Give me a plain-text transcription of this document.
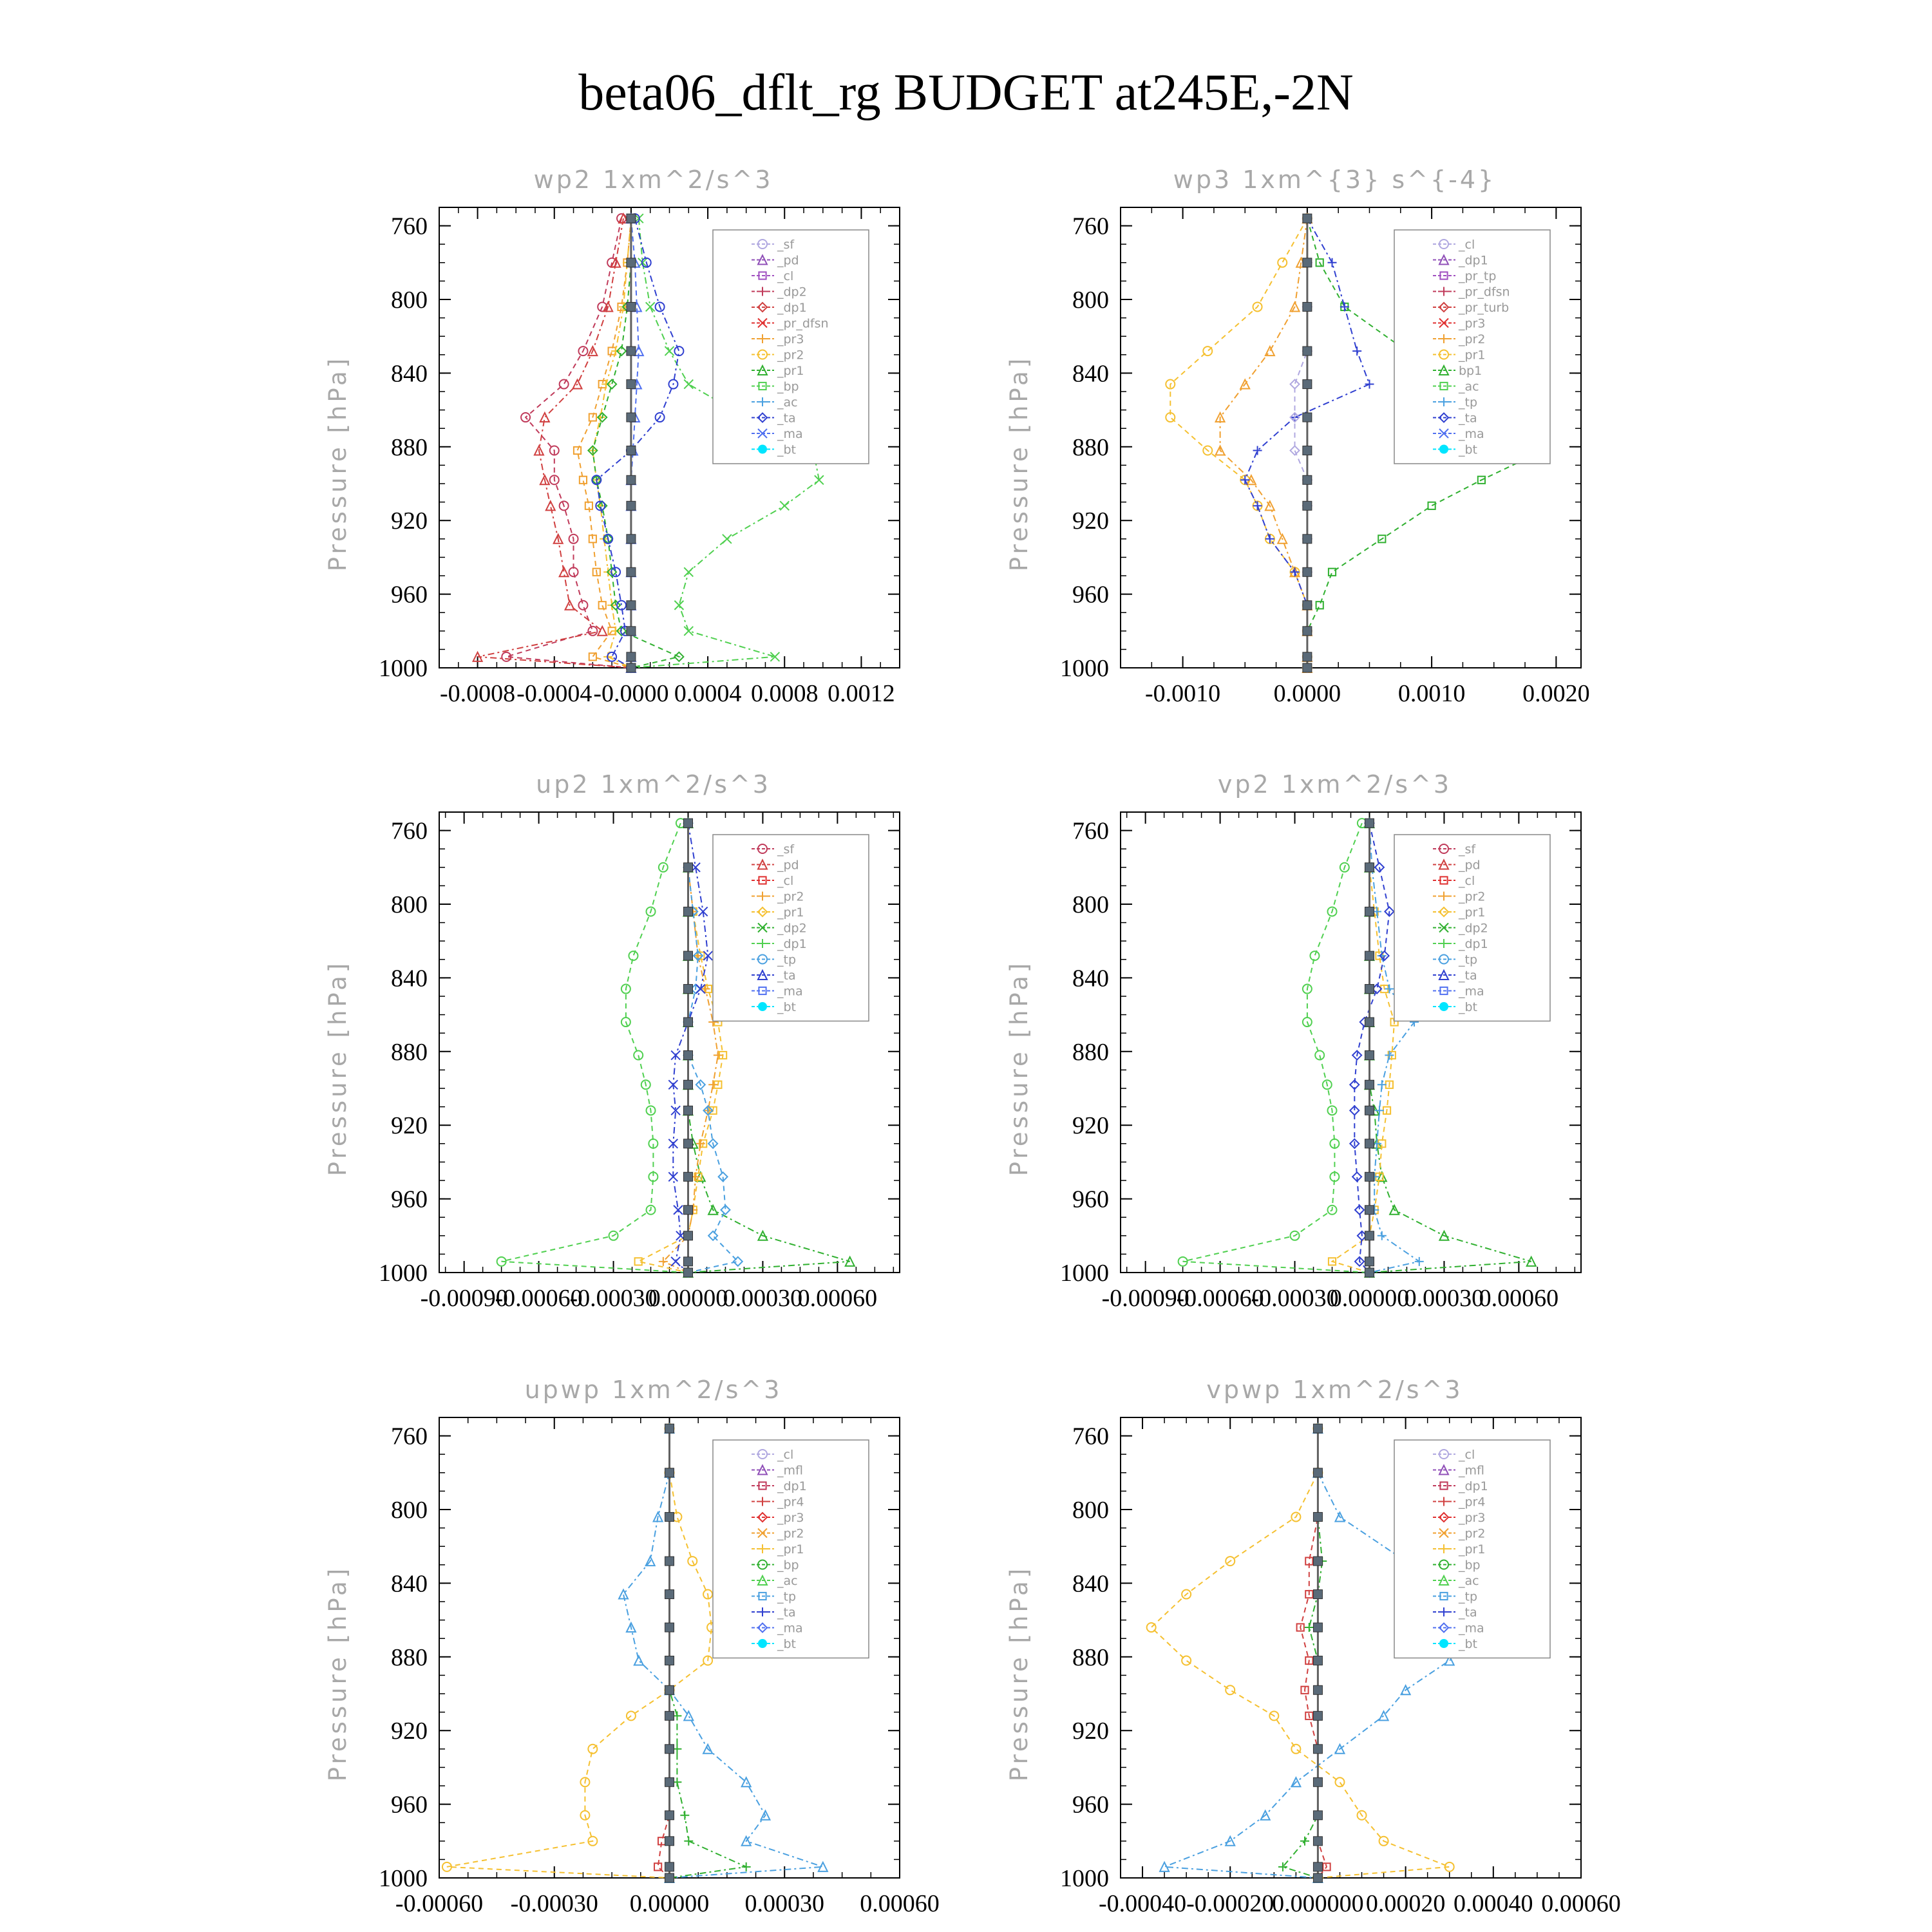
beta06_dflt_rg BUDGET at245E,-2N
wp2 1xm^2/s^3
Pressure [hPa]
760
800
840
880
920
960
1000
-0.0008 -0.0004 -0.0000 0.0004 0.0008 0.0012
_sf
_pd
_cl
_dp2
_dp1
_pr_dfsn
_pr3
_pr2
_pr1
_bp
_ac
_ta
_ma
_bt
wp3 1xm^{3} s^{-4}
Pressure [hPa]
760
800
840
880
920
960
1000
-0.0010 0.0000 0.0010 0.0020
_cl
_dp1
_pr_tp
_pr_dfsn
_pr_turb
_pr3
_pr2
_pr1
bp1
_ac
_tp
_ta
_ma
_bt
up2 1xm^2/s^3
Pressure [hPa]
760
800
840
880
920
960
1000
-0.00090
-0.00060
-0.00030
0.00000
0.00030
0.00060
_sf
_pd
_cl
_pr2
_pr1
_dp2
_dp1
_tp
_ta
_ma
_bt
vp2 1xm^2/s^3
Pressure [hPa]
760
800
840
880
920
960
1000
-0.00090
-0.00060
-0.00030
0.00000
0.00030
0.00060
_sf
_pd
_cl
_pr2
_pr1
_dp2
_dp1
_tp
_ta
_ma
_bt
upwp 1xm^2/s^3
Pressure [hPa]
760
800
840
880
920
960
1000
-0.00060 -0.00030 0.00000 0.00030 0.00060
_cl
_mfl
_dp1
_pr4
_pr3
_pr2
_pr1
_bp
_ac
_tp
_ta
_ma
_bt
vpwp 1xm^2/s^3
Pressure [hPa]
760
800
840
880
920
960
1000
-0.00040 -0.00020
0.000000 0.00020 0.00040 0.00060
_cl
_mfl
_dp1
_pr4
_pr3
_pr2
_pr1
_bp
_ac
_tp
_ta
_ma
_bt
